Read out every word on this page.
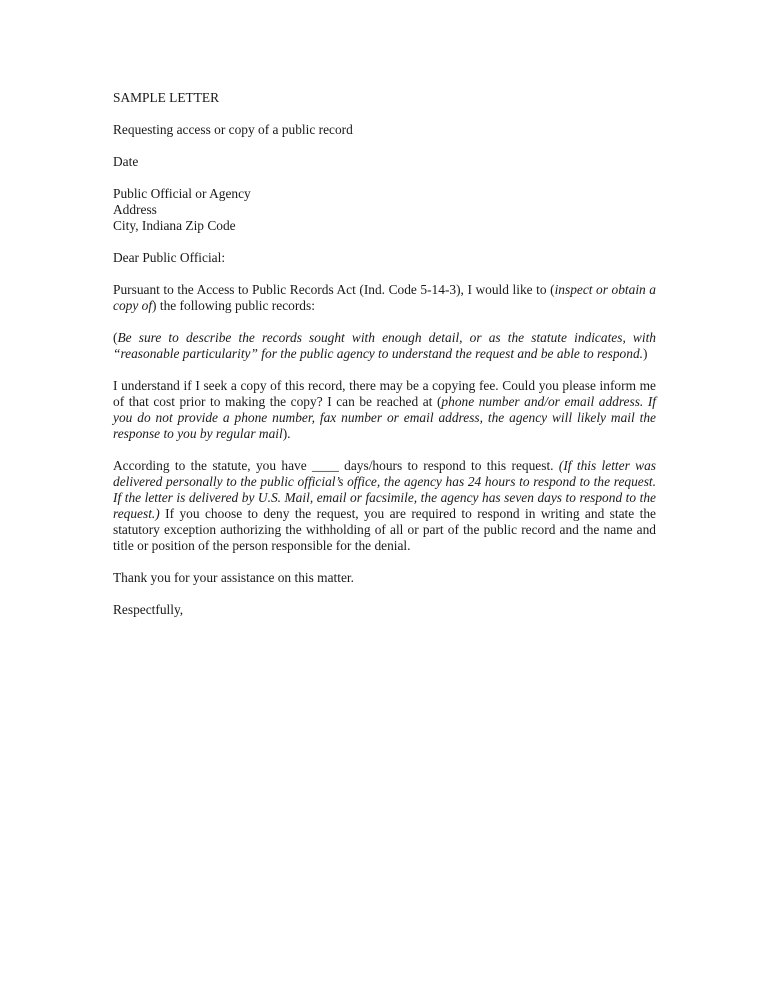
SAMPLE LETTER

Requesting access or copy of a public record

Date

Public Official or Agency
Address
City, Indiana Zip Code

Dear Public Official:

Pursuant to the Access to Public Records Act (Ind. Code 5-14-3), I would like to (inspect or obtain a copy of) the following public records:

(Be sure to describe the records sought with enough detail, or as the statute indicates, with “reasonable particularity” for the public agency to understand the request and be able to respond.)

I understand if I seek a copy of this record, there may be a copying fee. Could you please inform me of that cost prior to making the copy? I can be reached at (phone number and/or email address. If you do not provide a phone number, fax number or email address, the agency will likely mail the response to you by regular mail).

According to the statute, you have ____ days/hours to respond to this request. (If this letter was delivered personally to the public official’s office, the agency has 24 hours to respond to the request. If the letter is delivered by U.S. Mail, email or facsimile, the agency has seven days to respond to the request.) If you choose to deny the request, you are required to respond in writing and state the statutory exception authorizing the withholding of all or part of the public record and the name and title or position of the person responsible for the denial.

Thank you for your assistance on this matter.

Respectfully,
